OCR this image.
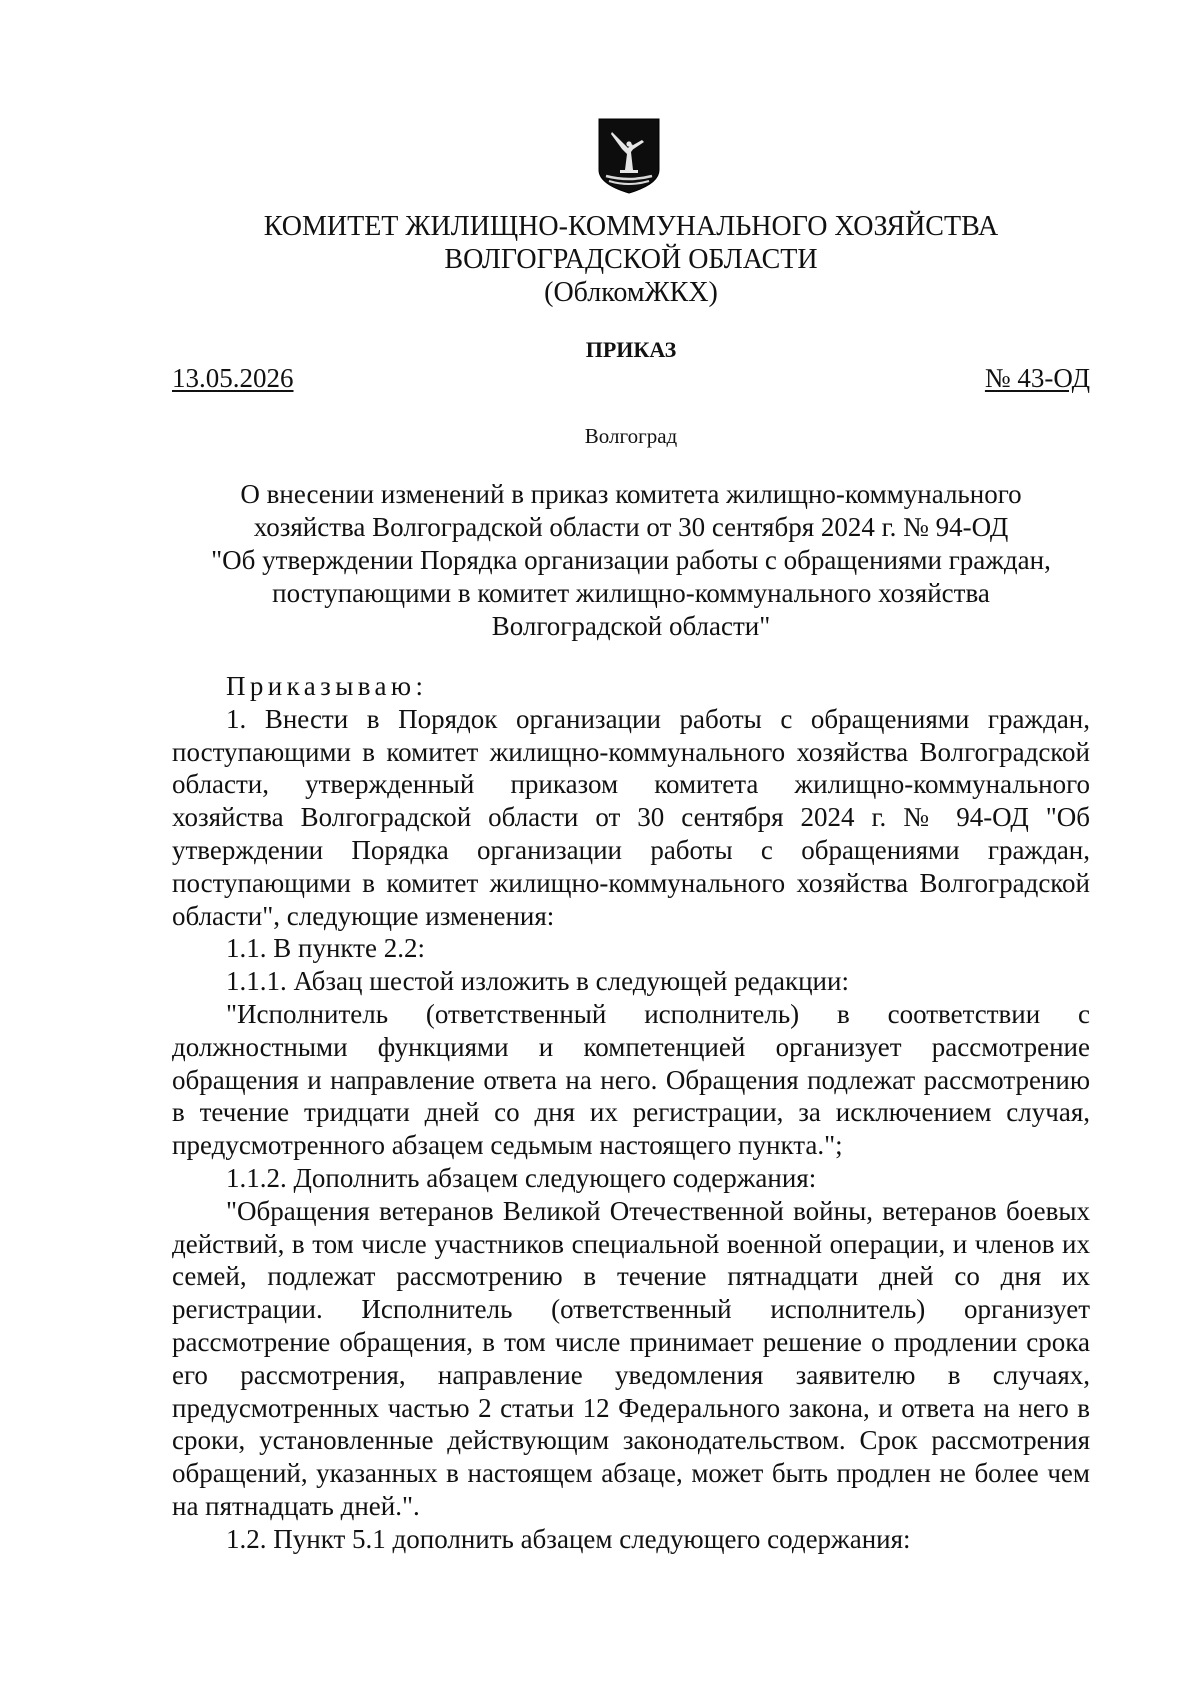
КОМИТЕТ ЖИЛИЩНО-КОММУНАЛЬНОГО ХОЗЯЙСТВА
ВОЛГОГРАДСКОЙ ОБЛАСТИ
(ОблкомЖКХ)
ПРИКАЗ
13.05.2026	№ 43-ОД
Волгоград
О внесении изменений в приказ комитета жилищно-коммунального
хозяйства Волгоградской области от 30 сентября 2024 г. № 94-ОД
"Об утверждении Порядка организации работы с обращениями граждан,
поступающими в комитет жилищно-коммунального хозяйства
Волгоградской области"

Приказываю:

1. Внести в Порядок организации работы с обращениями граждан, поступающими в комитет жилищно-коммунального хозяйства Волгоградской области, утвержденный приказом комитета жилищно-коммунального хозяйства Волгоградской области от 30 сентября 2024 г. № 94-ОД "Об утверждении Порядка организации работы с обращениями граждан, поступающими в комитет жилищно-коммунального хозяйства Волгоградской области", следующие изменения:

1.1. В пункте 2.2:

1.1.1. Абзац шестой изложить в следующей редакции:

"Исполнитель (ответственный исполнитель) в соответствии с должностными функциями и компетенцией организует рассмотрение обращения и направление ответа на него. Обращения подлежат рассмотрению в течение тридцати дней со дня их регистрации, за исключением случая, предусмотренного абзацем седьмым настоящего пункта.";

1.1.2. Дополнить абзацем следующего содержания:

"Обращения ветеранов Великой Отечественной войны, ветеранов боевых действий, в том числе участников специальной военной операции, и членов их семей, подлежат рассмотрению в течение пятнадцати дней со дня их регистрации. Исполнитель (ответственный исполнитель) организует рассмотрение обращения, в том числе принимает решение о продлении срока его рассмотрения, направление уведомления заявителю в случаях, предусмотренных частью 2 статьи 12 Федерального закона, и ответа на него в сроки, установленные действующим законодательством. Срок рассмотрения обращений, указанных в настоящем абзаце, может быть продлен не более чем на пятнадцать дней.".

1.2. Пункт 5.1 дополнить абзацем следующего содержания:
